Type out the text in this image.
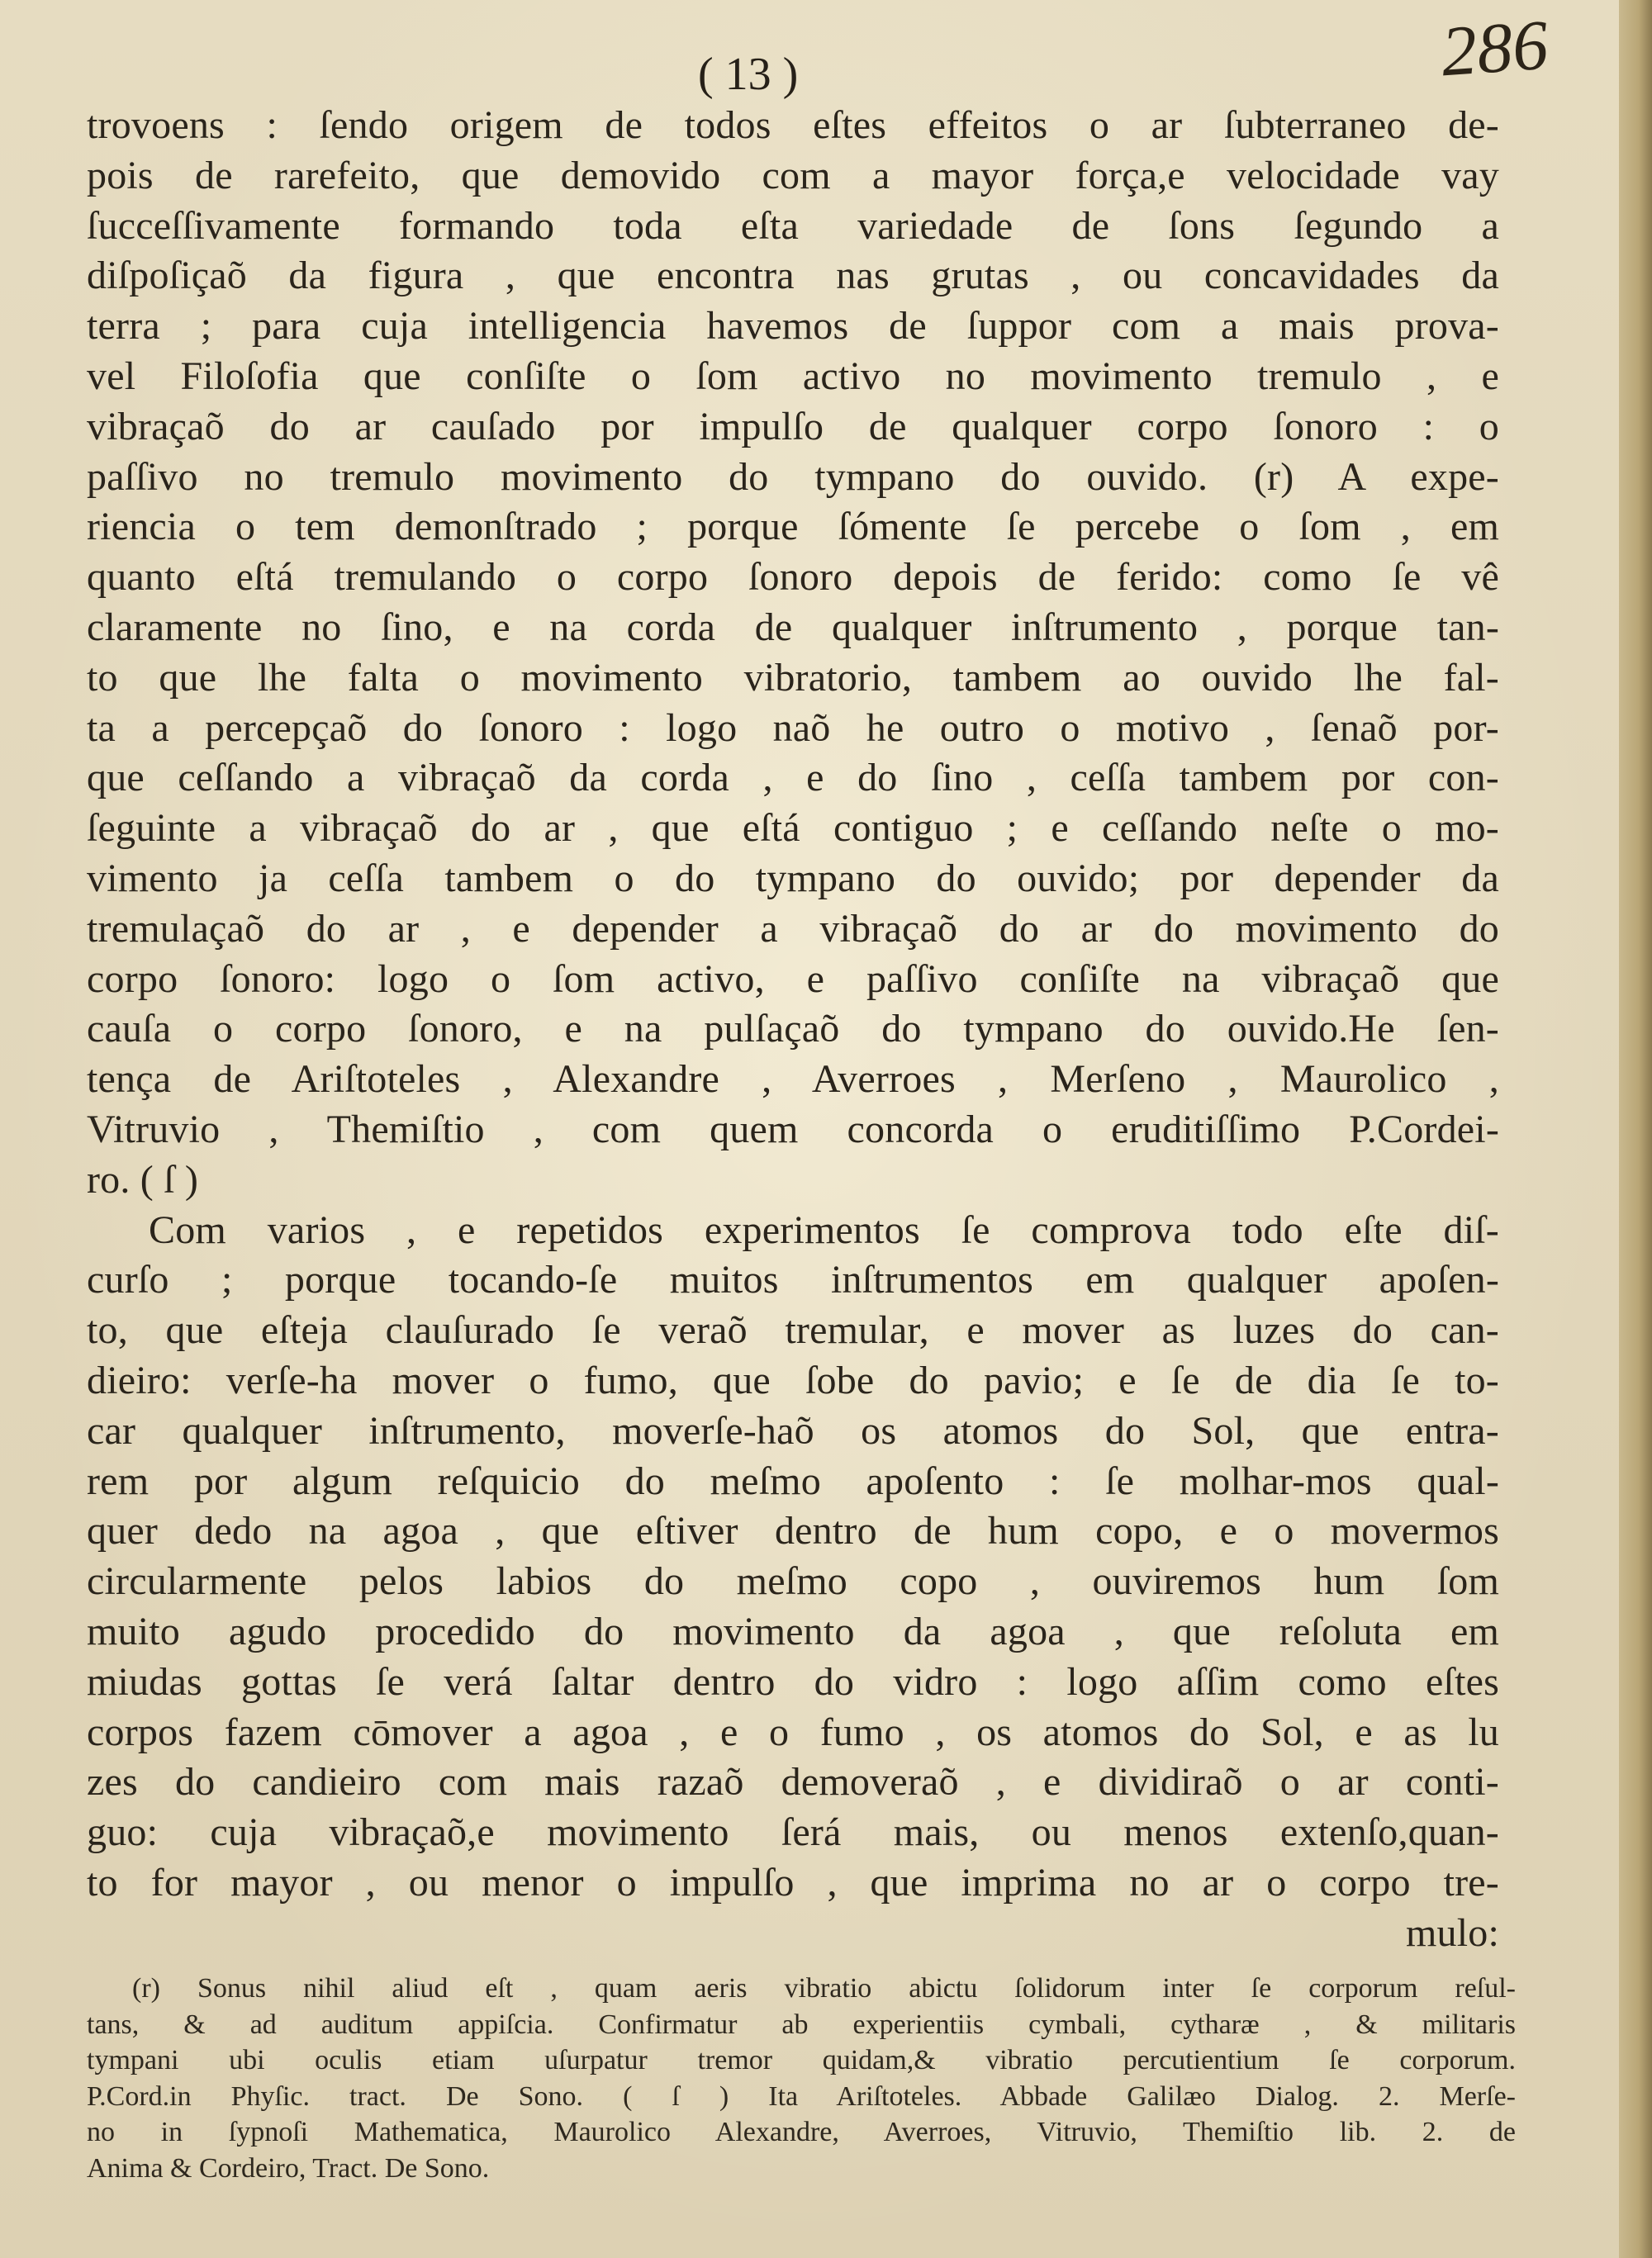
( 13 )	286
trovoens : ſendo origem de todos eſtes effeitos o ar ſubterraneo de-
pois de rarefeito, que demovido com a mayor força,e velocidade vay
ſucceſſivamente formando toda eſta variedade de ſons ſegundo a
diſpoſiçaõ da figura , que encontra nas grutas , ou concavidades da
terra ; para cuja intelligencia havemos de ſuppor com a mais prova-
vel Filoſofia que conſiſte o ſom activo no movimento tremulo , e
vibraçaõ do ar cauſado por impulſo de qualquer corpo ſonoro : o
paſſivo no tremulo movimento do tympano do ouvido. (r) A expe-
riencia o tem demonſtrado ; porque ſómente ſe percebe o ſom , em
quanto eſtá tremulando o corpo ſonoro depois de ferido: como ſe vê
claramente no ſino, e na corda de qualquer inſtrumento , porque tan-
to que lhe falta o movimento vibratorio, tambem ao ouvido lhe fal-
ta a percepçaõ do ſonoro : logo naõ he outro o motivo , ſenaõ por-
que ceſſando a vibraçaõ da corda , e do ſino , ceſſa tambem por con-
ſeguinte a vibraçaõ do ar , que eſtá contiguo ; e ceſſando neſte o mo-
vimento ja ceſſa tambem o do tympano do ouvido; por depender da
tremulaçaõ do ar , e depender a vibraçaõ do ar do movimento do
corpo ſonoro: logo o ſom activo, e paſſivo conſiſte na vibraçaõ que
cauſa o corpo ſonoro, e na pulſaçaõ do tympano do ouvido.He ſen-
tença de Ariſtoteles , Alexandre , Averroes , Merſeno , Maurolico ,
Vitruvio , Themiſtio , com quem concorda o eruditiſſimo P.Cordei-
ro. ( ſ )
Com varios , e repetidos experimentos ſe comprova todo eſte diſ-
curſo ; porque tocando-ſe muitos inſtrumentos em qualquer apoſen-
to, que eſteja clauſurado ſe veraõ tremular, e mover as luzes do can-
dieiro: verſe-ha mover o fumo, que ſobe do pavio; e ſe de dia ſe to-
car qualquer inſtrumento, moverſe-haõ os atomos do Sol, que entra-
rem por algum reſquicio do meſmo apoſento : ſe molhar-mos qual-
quer dedo na agoa , que eſtiver dentro de hum copo, e o movermos
circularmente pelos labios do meſmo copo , ouviremos hum ſom
muito agudo procedido do movimento da agoa , que reſoluta em
miudas gottas ſe verá ſaltar dentro do vidro : logo aſſim como eſtes
corpos fazem cōmover a agoa , e o fumo , os atomos do Sol, e as lu
zes do candieiro com mais razaõ demoveraõ , e dividiraõ o ar conti-
guo: cuja vibraçaõ,e movimento ſerá mais, ou menos extenſo,quan-
to for mayor , ou menor o impulſo , que imprima no ar o corpo tre-
mulo:
(r) Sonus nihil aliud eſt , quam aeris vibratio abictu ſolidorum inter ſe corporum reſul-
tans, & ad auditum appiſcia. Confirmatur ab experientiis cymbali, cytharæ , & militaris
tympani ubi oculis etiam uſurpatur tremor quidam,& vibratio percutientium ſe corporum.
P.Cord.in Phyſic. tract. De Sono. ( ſ ) Ita Ariſtoteles. Abbade Galilæo Dialog. 2. Merſe-
no in ſypnoſi Mathematica, Maurolico Alexandre, Averroes, Vitruvio, Themiſtio lib. 2. de
Anima & Cordeiro, Tract. De Sono.
